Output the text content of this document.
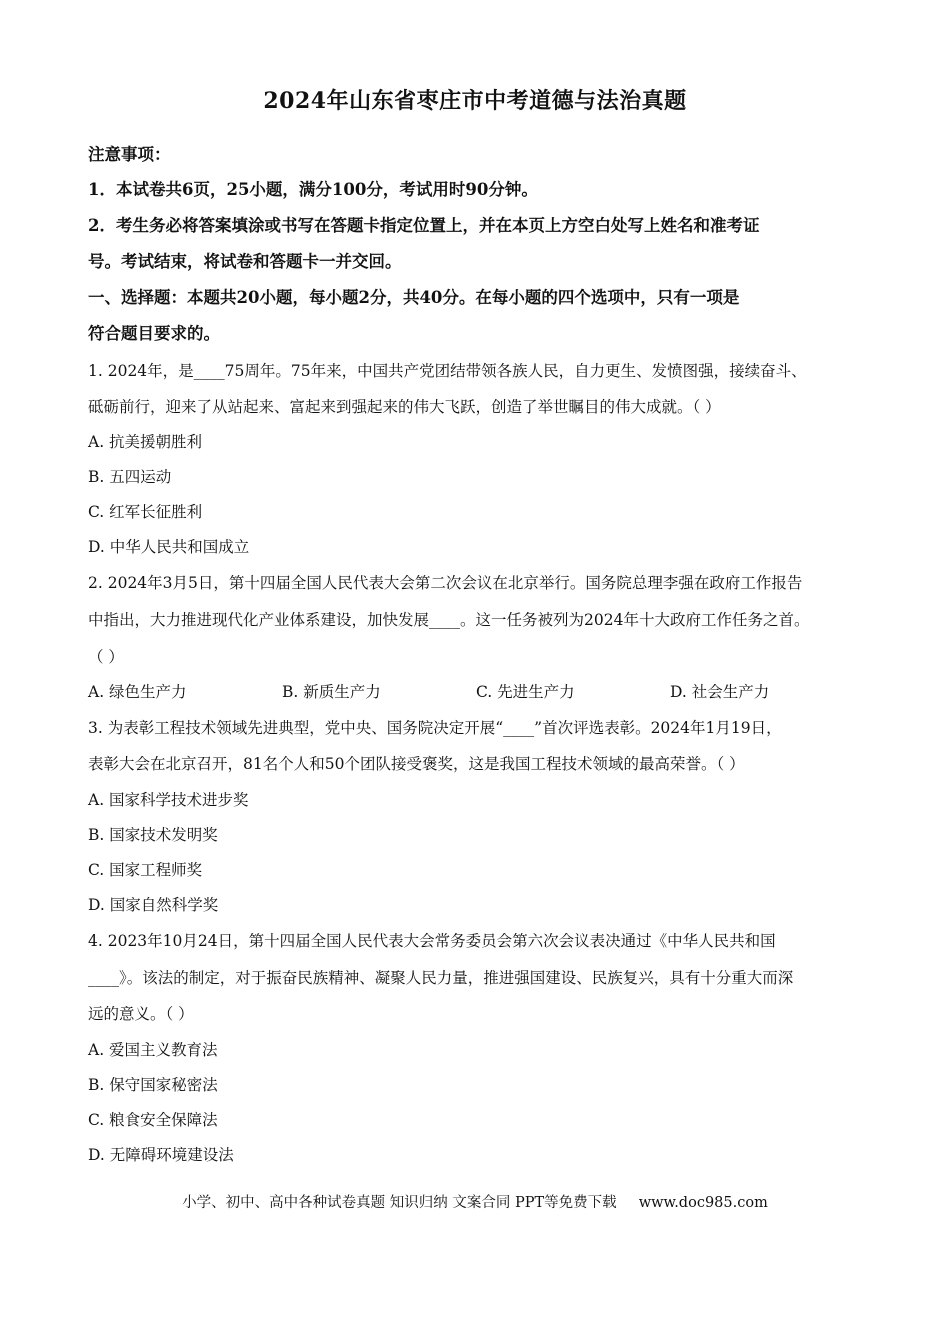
2024年山东省枣庄市中考道德与法治真题
注意事项：
1．本试卷共6页，25小题，满分100分，考试用时90分钟。
2．考生务必将答案填涂或书写在答题卡指定位置上，并在本页上方空白处写上姓名和准考证
号。考试结束，将试卷和答题卡一并交回。
一、选择题：本题共20小题，每小题2分，共40分。在每小题的四个选项中，只有一项是
符合题目要求的。
1. 2024年，是____75周年。75年来，中国共产党团结带领各族人民，自力更生、发愤图强，接续奋斗、
砥砺前行，迎来了从站起来、富起来到强起来的伟大飞跃，创造了举世瞩目的伟大成就。（ ）
A. 抗美援朝胜利
B. 五四运动
C. 红军长征胜利
D. 中华人民共和国成立
2. 2024年3月5日，第十四届全国人民代表大会第二次会议在北京举行。国务院总理李强在政府工作报告
中指出，大力推进现代化产业体系建设，加快发展____。这一任务被列为2024年十大政府工作任务之首。
（ ）
A. 绿色生产力	B. 新质生产力	C. 先进生产力	D. 社会生产力
3. 为表彰工程技术领域先进典型，党中央、国务院决定开展“____”首次评选表彰。2024年1月19日，
表彰大会在北京召开，81名个人和50个团队接受褒奖，这是我国工程技术领域的最高荣誉。（ ）
A. 国家科学技术进步奖
B. 国家技术发明奖
C. 国家工程师奖
D. 国家自然科学奖
4. 2023年10月24日，第十四届全国人民代表大会常务委员会第六次会议表决通过《中华人民共和国
____》。该法的制定，对于振奋民族精神、凝聚人民力量，推进强国建设、民族复兴，具有十分重大而深
远的意义。（ ）
A. 爱国主义教育法
B. 保守国家秘密法
C. 粮食安全保障法
D. 无障碍环境建设法
小学、初中、高中各种试卷真题 知识归纳 文案合同 PPT等免费下载 www.doc985.com
